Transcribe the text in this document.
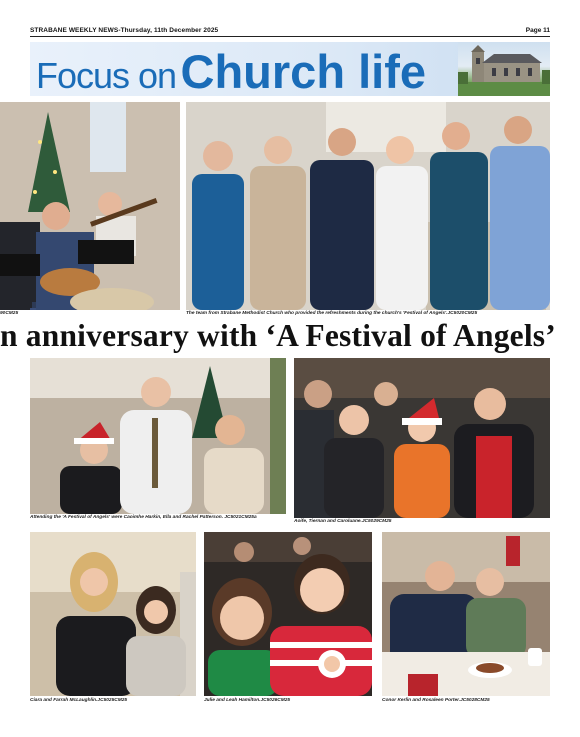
STRABANE WEEKLY NEWS-Thursday, 11th December 2025	Page 11
Focus on Church life
90CM25	The team from Strabane Methodist Church who provided the refreshments during the church's 'Festival of Angels'.JC5020CM25
n anniversary with ‘A Festival of Angels’
Attending the 'A Festival of Angels' were Caoimhe Harkin, Ella and Rachel Patterson. JC5021CM25a
Aoife, Tiernan and Caroluane.JC5029CM25
Ciara and Farrah McLaughlin.JC5025CM25	Julie and Leah Hamilton.JC5026CM25	Conor Kerlin and Rosaleen Porter.JC5028CM25
